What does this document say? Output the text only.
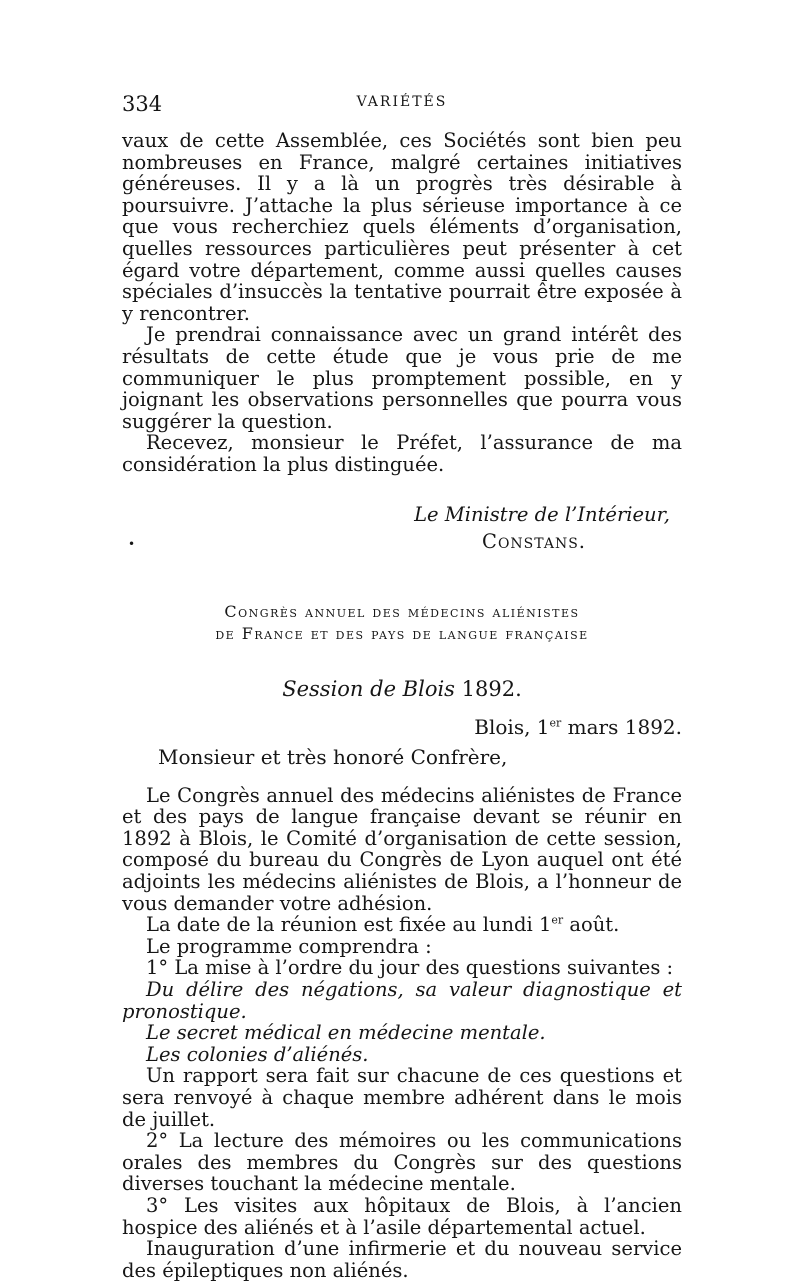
334	VARIÉTÉS
•

vaux de cette Assemblée, ces Sociétés sont bien peu nombreuses en France, malgré certaines initiatives généreuses. Il y a là un progrès très désirable à poursuivre. J’attache la plus sérieuse importance à ce que vous recherchiez quels éléments d’organisation, quelles ressources particulières peut présenter à cet égard votre département, comme aussi quelles causes spéciales d’insuccès la tentative pourrait être exposée à y rencontrer.

Je prendrai connaissance avec un grand intérêt des résultats de cette étude que je vous prie de me communiquer le plus promptement possible, en y joignant les observations personnelles que pourra vous suggérer la question.

Recevez, monsieur le Préfet, l’assurance de ma considération la plus distinguée.

Le Ministre de l’Intérieur,

Constans.

Congrès annuel des médecins aliénistes
de France et des pays de langue française
Session de Blois 1892.
Blois, 1er mars 1892.
Monsieur et très honoré Confrère,

Le Congrès annuel des médecins aliénistes de France et des pays de langue française devant se réunir en 1892 à Blois, le Comité d’organisation de cette session, composé du bureau du Congrès de Lyon auquel ont été adjoints les médecins aliénistes de Blois, a l’honneur de vous demander votre adhésion.

La date de la réunion est fixée au lundi 1er août.

Le programme comprendra :

1° La mise à l’ordre du jour des questions suivantes :

Du délire des négations, sa valeur diagnostique et pronostique.

Le secret médical en médecine mentale.

Les colonies d’aliénés.

Un rapport sera fait sur chacune de ces questions et sera renvoyé à chaque membre adhérent dans le mois de juillet.

2° La lecture des mémoires ou les communications orales des membres du Congrès sur des questions diverses touchant la médecine mentale.

3° Les visites aux hôpitaux de Blois, à l’ancien hospice des aliénés et à l’asile départemental actuel.

Inauguration d’une infirmerie et du nouveau service des épileptiques non aliénés.
